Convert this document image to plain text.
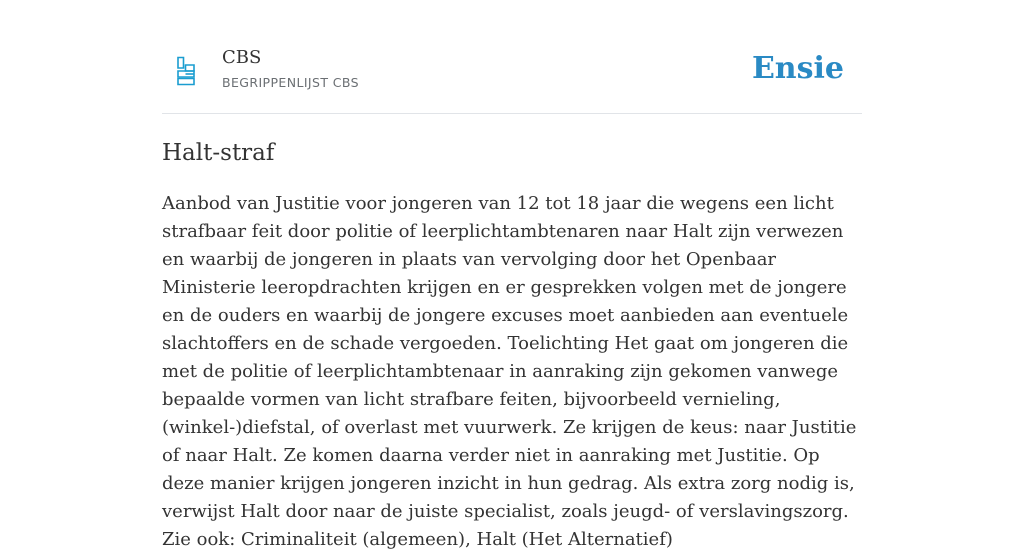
CBS
BEGRIPPENLIJST CBS	Ensie
Halt-straf

Aanbod van Justitie voor jongeren van 12 tot 18 jaar die wegens een licht strafbaar feit door politie of leerplichtambtenaren naar Halt zijn verwezen en waarbij de jongeren in plaats van vervolging door het Openbaar Ministerie leeropdrachten krijgen en er gesprekken volgen met de jongere en de ouders en waarbij de jongere excuses moet aanbieden aan eventuele slachtoffers en de schade vergoeden. Toelichting Het gaat om jongeren die met de politie of leerplichtambtenaar in aanraking zijn gekomen vanwege bepaalde vormen van licht strafbare feiten, bijvoorbeeld vernieling, (winkel-)diefstal, of overlast met vuurwerk. Ze krijgen de keus: naar Justitie of naar Halt. Ze komen daarna verder niet in aanraking met Justitie. Op deze manier krijgen jongeren inzicht in hun gedrag. Als extra zorg nodig is, verwijst Halt door naar de juiste specialist, zoals jeugd- of verslavingszorg. Zie ook: Criminaliteit (algemeen), Halt (Het Alternatief)
